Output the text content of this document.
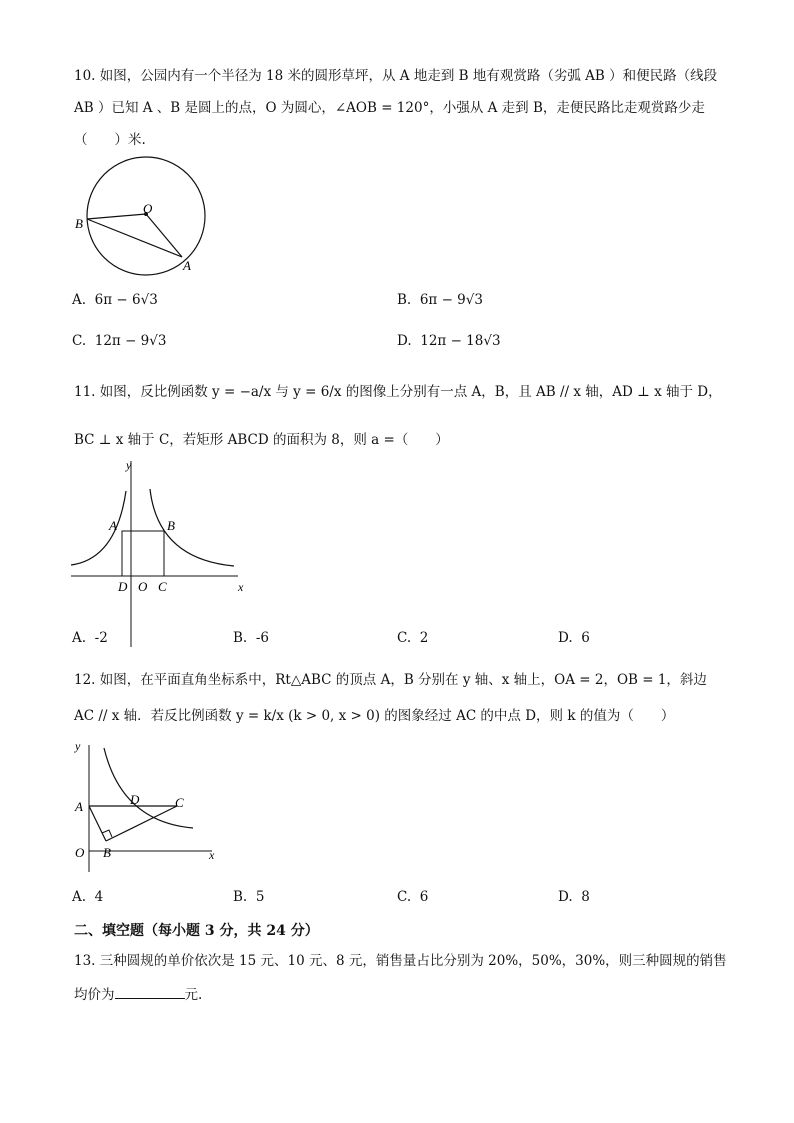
10. 如图，公园内有一个半径为 18 米的圆形草坪，从 A 地走到 B 地有观赏路（劣弧 AB ）和便民路（线段
AB ）已知 A 、B 是圆上的点，O 为圆心，∠AOB = 120°，小强从 A 走到 B，走便民路比走观赏路少走
（　　）米.
O
B
A
A. 6π − 6√3	B. 6π − 9√3
C. 12π − 9√3	D. 12π − 18√3
11. 如图，反比例函数 y = −a/x 与 y = 6/x 的图像上分别有一点 A，B，且 AB // x 轴，AD ⊥ x 轴于 D，
BC ⊥ x 轴于 C，若矩形 ABCD 的面积为 8，则 a =（　　）
y
x
A	B
D O C
A. -2	B. -6	C. 2	D. 6
12. 如图，在平面直角坐标系中，Rt△ABC 的顶点 A，B 分别在 y 轴、x 轴上，OA = 2，OB = 1，斜边
AC // x 轴．若反比例函数 y = k/x (k > 0, x > 0) 的图象经过 AC 的中点 D，则 k 的值为（　　）
y
x
A	D	C
O B
A. 4	B. 5	C. 6	D. 8
二、填空题（每小题 3 分，共 24 分）
13. 三种圆规的单价依次是 15 元、10 元、8 元，销售量占比分别为 20%，50%，30%，则三种圆规的销售
均价为	元.
